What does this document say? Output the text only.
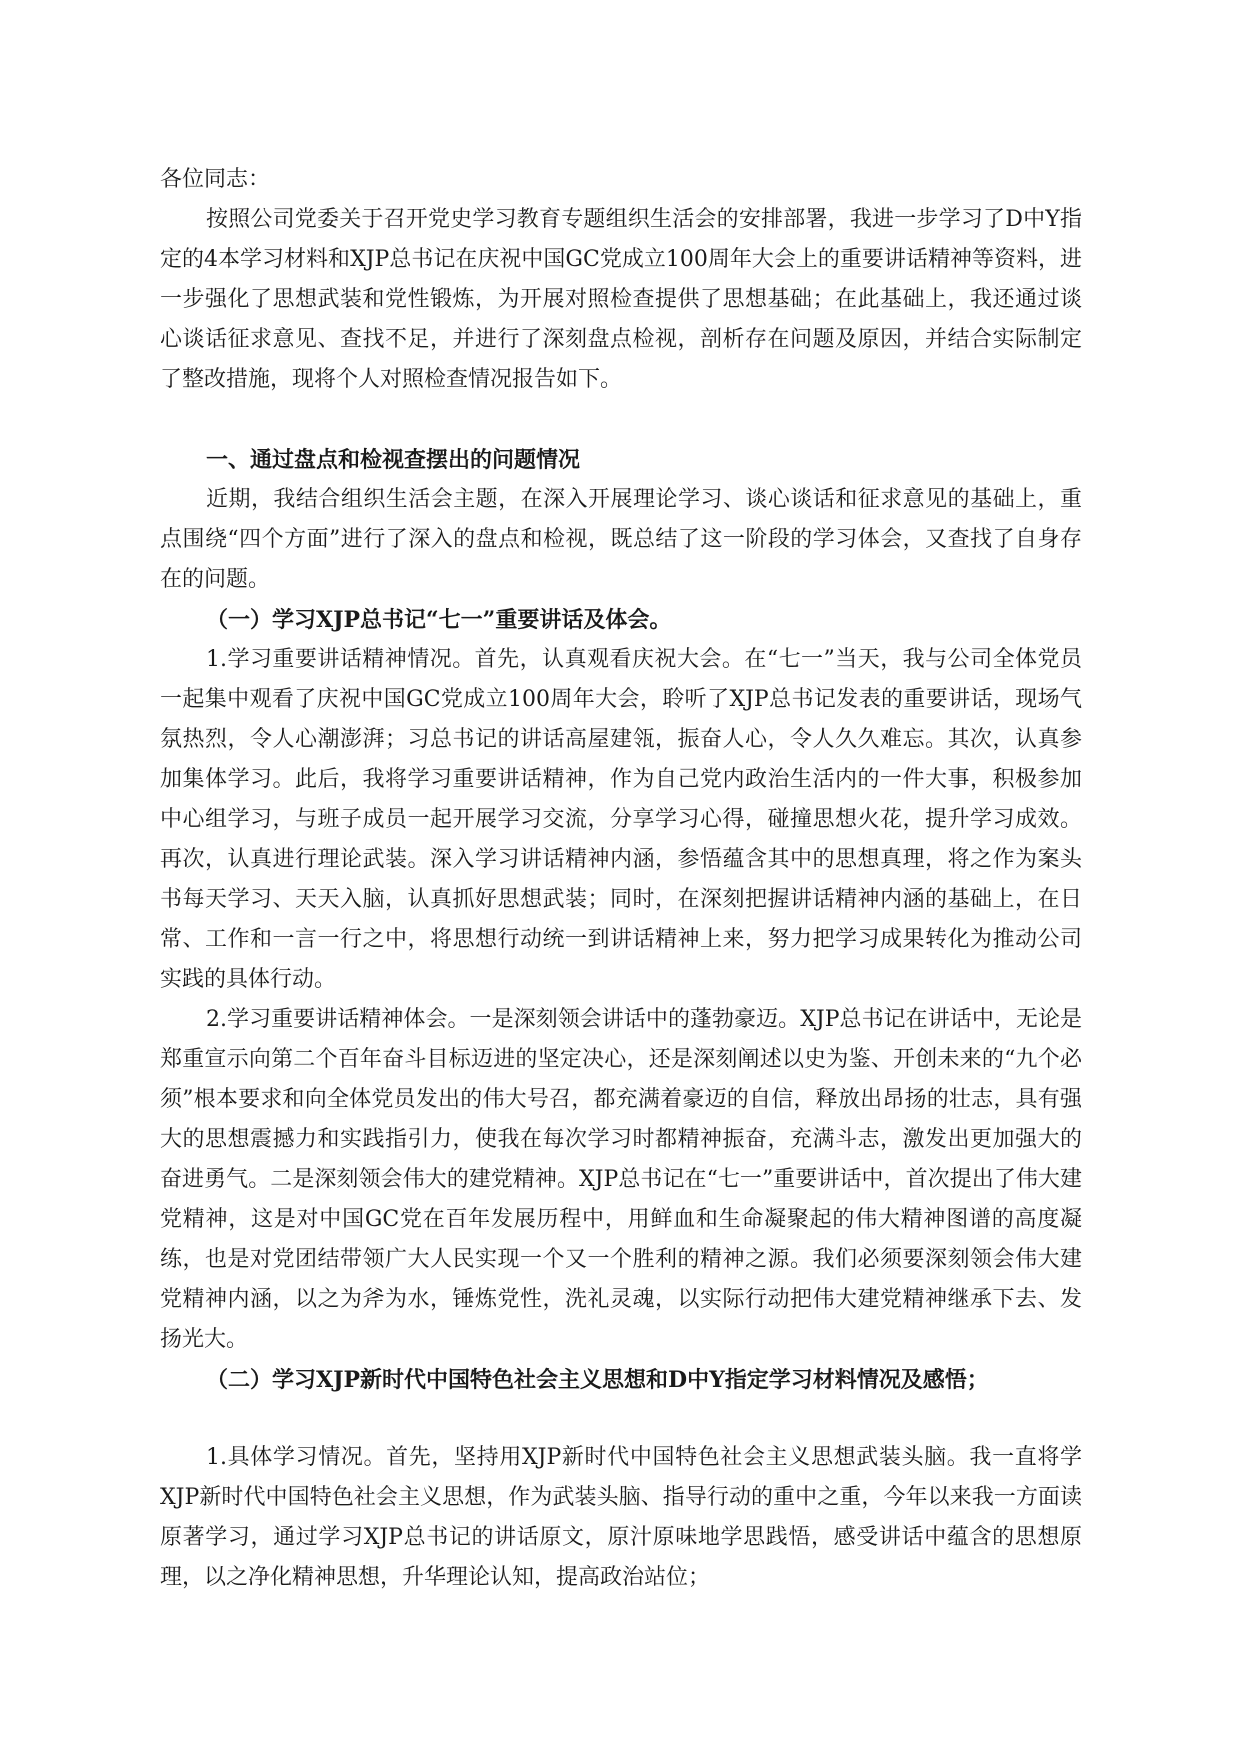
各位同志：

按照公司党委关于召开党史学习教育专题组织生活会的安排部署，我进一步学习了D中Y指定的4本学习材料和XJP总书记在庆祝中国GC党成立100周年大会上的重要讲话精神等资料，进一步强化了思想武装和党性锻炼，为开展对照检查提供了思想基础；在此基础上，我还通过谈心谈话征求意见、查找不足，并进行了深刻盘点检视，剖析存在问题及原因，并结合实际制定了整改措施，现将个人对照检查情况报告如下。

一、通过盘点和检视查摆出的问题情况

近期，我结合组织生活会主题，在深入开展理论学习、谈心谈话和征求意见的基础上，重点围绕“四个方面”进行了深入的盘点和检视，既总结了这一阶段的学习体会，又查找了自身存在的问题。

（一）学习XJP总书记“七一”重要讲话及体会。

1.学习重要讲话精神情况。首先，认真观看庆祝大会。在“七一”当天，我与公司全体党员一起集中观看了庆祝中国GC党成立100周年大会，聆听了XJP总书记发表的重要讲话，现场气氛热烈，令人心潮澎湃；习总书记的讲话高屋建瓴，振奋人心，令人久久难忘。其次，认真参加集体学习。此后，我将学习重要讲话精神，作为自己党内政治生活内的一件大事，积极参加中心组学习，与班子成员一起开展学习交流，分享学习心得，碰撞思想火花，提升学习成效。再次，认真进行理论武装。深入学习讲话精神内涵，参悟蕴含其中的思想真理，将之作为案头书每天学习、天天入脑，认真抓好思想武装；同时，在深刻把握讲话精神内涵的基础上，在日常、工作和一言一行之中，将思想行动统一到讲话精神上来，努力把学习成果转化为推动公司实践的具体行动。

2.学习重要讲话精神体会。一是深刻领会讲话中的蓬勃豪迈。XJP总书记在讲话中，无论是郑重宣示向第二个百年奋斗目标迈进的坚定决心，还是深刻阐述以史为鉴、开创未来的“九个必须”根本要求和向全体党员发出的伟大号召，都充满着豪迈的自信，释放出昂扬的壮志，具有强大的思想震撼力和实践指引力，使我在每次学习时都精神振奋，充满斗志，激发出更加强大的奋进勇气。二是深刻领会伟大的建党精神。XJP总书记在“七一”重要讲话中，首次提出了伟大建党精神，这是对中国GC党在百年发展历程中，用鲜血和生命凝聚起的伟大精神图谱的高度凝练，也是对党团结带领广大人民实现一个又一个胜利的精神之源。我们必须要深刻领会伟大建党精神内涵，以之为斧为水，锤炼党性，洗礼灵魂，以实际行动把伟大建党精神继承下去、发扬光大。

（二）学习XJP新时代中国特色社会主义思想和D中Y指定学习材料情况及感悟；

1.具体学习情况。首先，坚持用XJP新时代中国特色社会主义思想武装头脑。我一直将学XJP新时代中国特色社会主义思想，作为武装头脑、指导行动的重中之重，今年以来我一方面读原著学习，通过学习XJP总书记的讲话原文，原汁原味地学思践悟，感受讲话中蕴含的思想原理，以之净化精神思想，升华理论认知，提高政治站位；
